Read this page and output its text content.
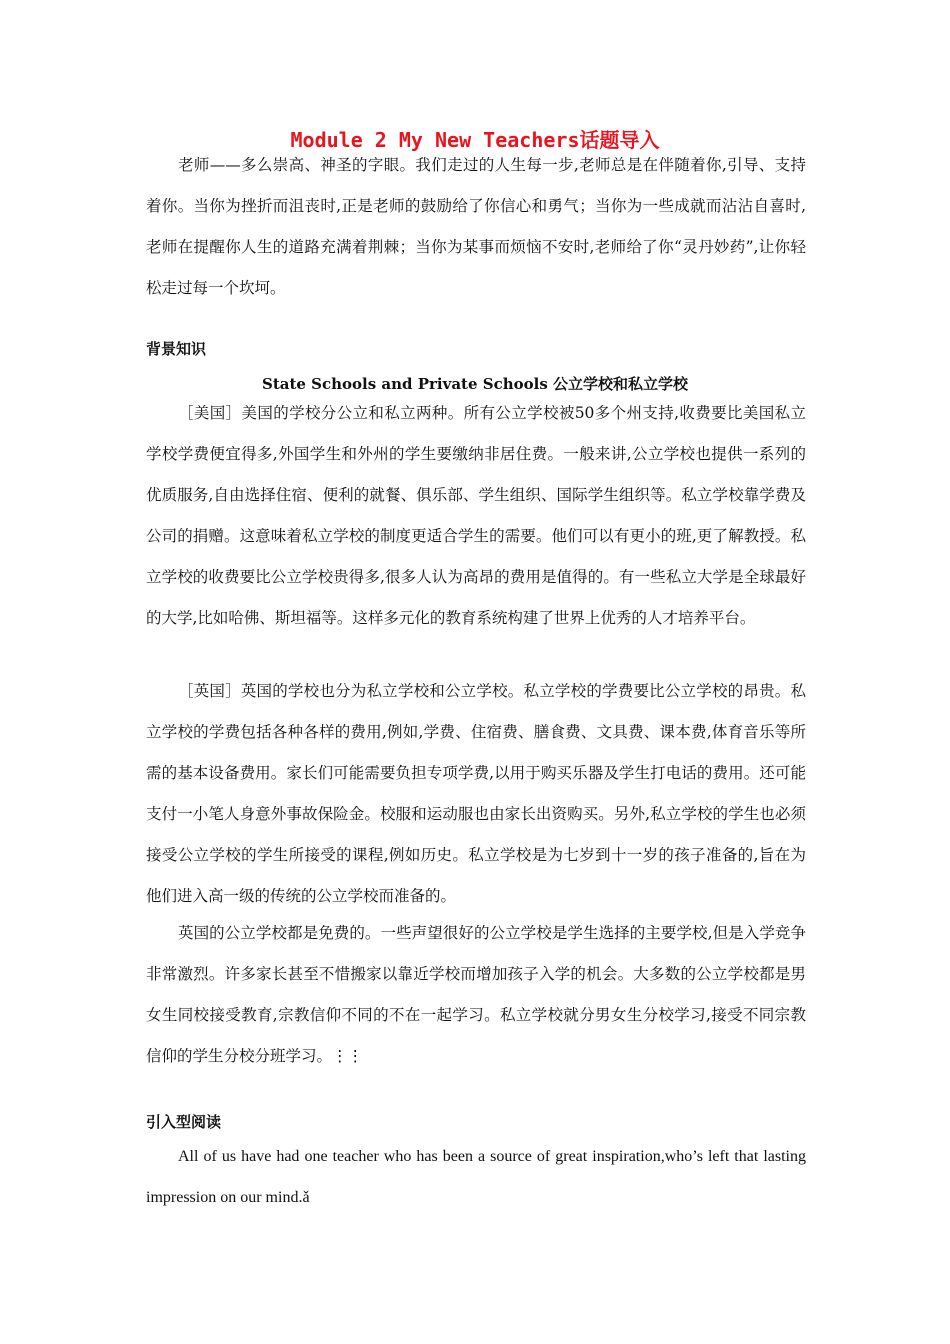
Module 2 My New Teachers话题导入
老师——多么崇高、神圣的字眼。我们走过的人生每一步,老师总是在伴随着你,引导、支持着你。当你为挫折而沮丧时,正是老师的鼓励给了你信心和勇气；当你为一些成就而沾沾自喜时,老师在提醒你人生的道路充满着荆棘；当你为某事而烦恼不安时,老师给了你“灵丹妙药”,让你轻松走过每一个坎坷。
背景知识
State Schools and Private Schools 公立学校和私立学校
［美国］美国的学校分公立和私立两种。所有公立学校被50多个州支持,收费要比美国私立学校学费便宜得多,外国学生和外州的学生要缴纳非居住费。一般来讲,公立学校也提供一系列的优质服务,自由选择住宿、便利的就餐、俱乐部、学生组织、国际学生组织等。私立学校靠学费及公司的捐赠。这意味着私立学校的制度更适合学生的需要。他们可以有更小的班,更了解教授。私立学校的收费要比公立学校贵得多,很多人认为高昂的费用是值得的。有一些私立大学是全球最好的大学,比如哈佛、斯坦福等。这样多元化的教育系统构建了世界上优秀的人才培养平台。
［英国］英国的学校也分为私立学校和公立学校。私立学校的学费要比公立学校的昂贵。私立学校的学费包括各种各样的费用,例如,学费、住宿费、膳食费、文具费、课本费,体育音乐等所需的基本设备费用。家长们可能需要负担专项学费,以用于购买乐器及学生打电话的费用。还可能支付一小笔人身意外事故保险金。校服和运动服也由家长出资购买。另外,私立学校的学生也必须接受公立学校的学生所接受的课程,例如历史。私立学校是为七岁到十一岁的孩子准备的,旨在为他们进入高一级的传统的公立学校而准备的。
英国的公立学校都是免费的。一些声望很好的公立学校是学生选择的主要学校,但是入学竞争非常激烈。许多家长甚至不惜搬家以靠近学校而增加孩子入学的机会。大多数的公立学校都是男女生同校接受教育,宗教信仰不同的不在一起学习。私立学校就分男女生分校学习,接受不同宗教信仰的学生分校分班学习。⋮⋮
引入型阅读
All of us have had one teacher who has been a source of great inspiration,who’s left that lasting impression on our mind.ǎ
